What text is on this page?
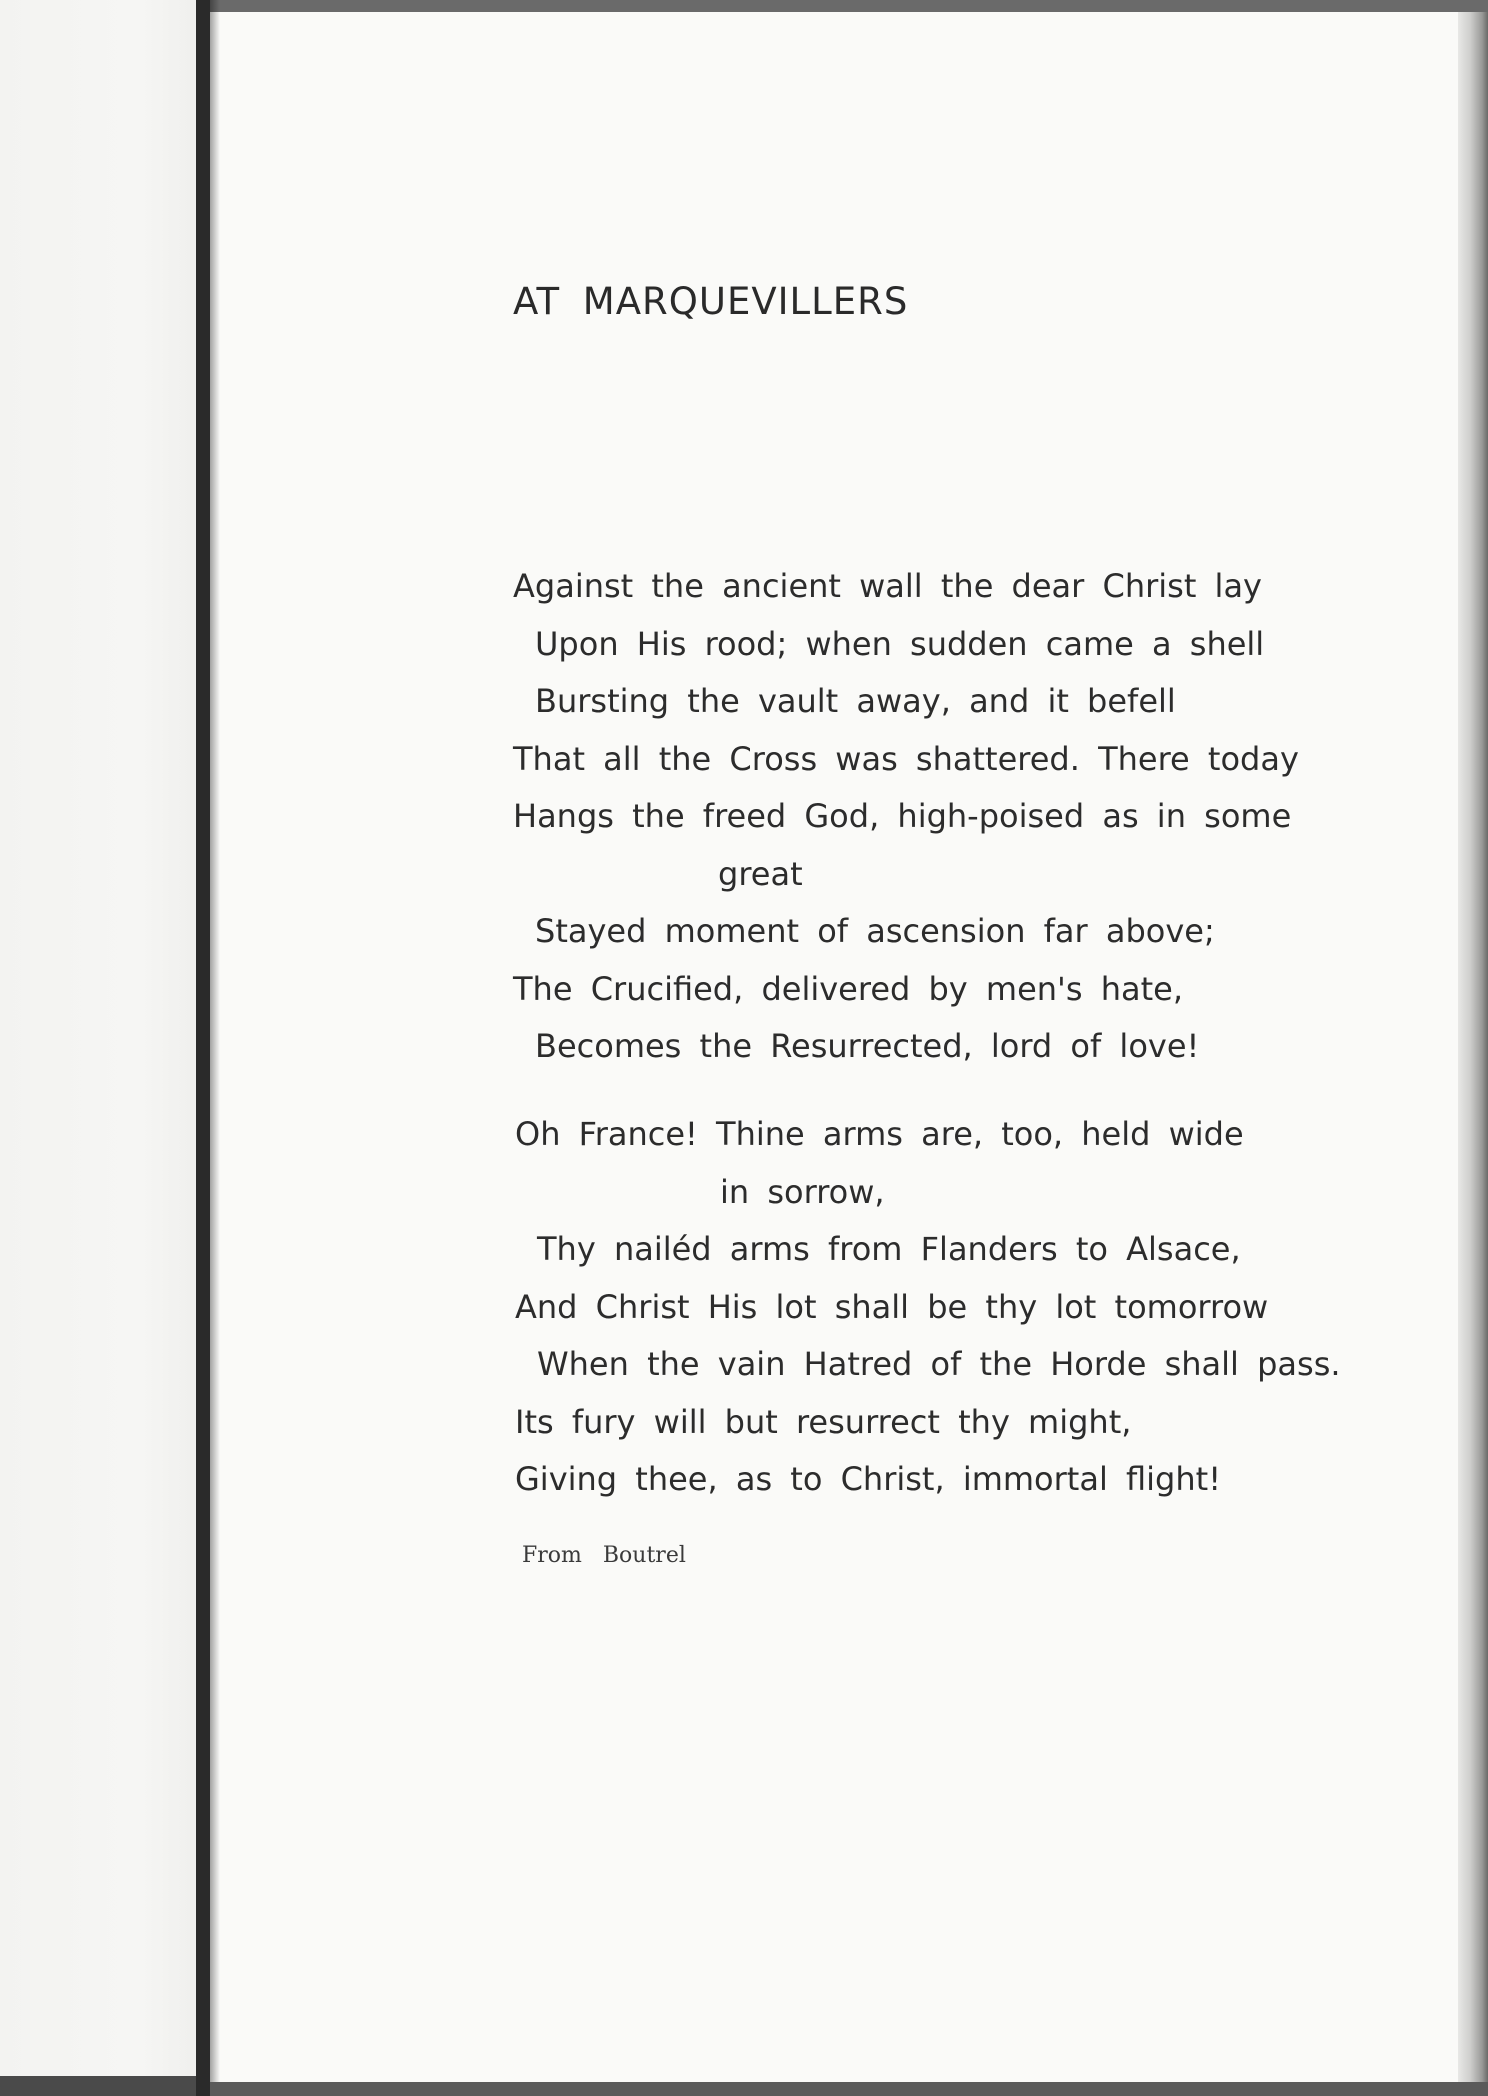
AT MARQUEVILLERS
Against the ancient wall the dear Christ lay
Upon His rood; when sudden came a shell
Bursting the vault away, and it befell
That all the Cross was shattered. There today
Hangs the freed God, high-poised as in some
great
Stayed moment of ascension far above;
The Crucified, delivered by men's hate,
Becomes the Resurrected, lord of love!
Oh France! Thine arms are, too, held wide
in sorrow,
Thy nailéd arms from Flanders to Alsace,
And Christ His lot shall be thy lot tomorrow
When the vain Hatred of the Horde shall pass.
Its fury will but resurrect thy might,
Giving thee, as to Christ, immortal flight!
From Boutrel
